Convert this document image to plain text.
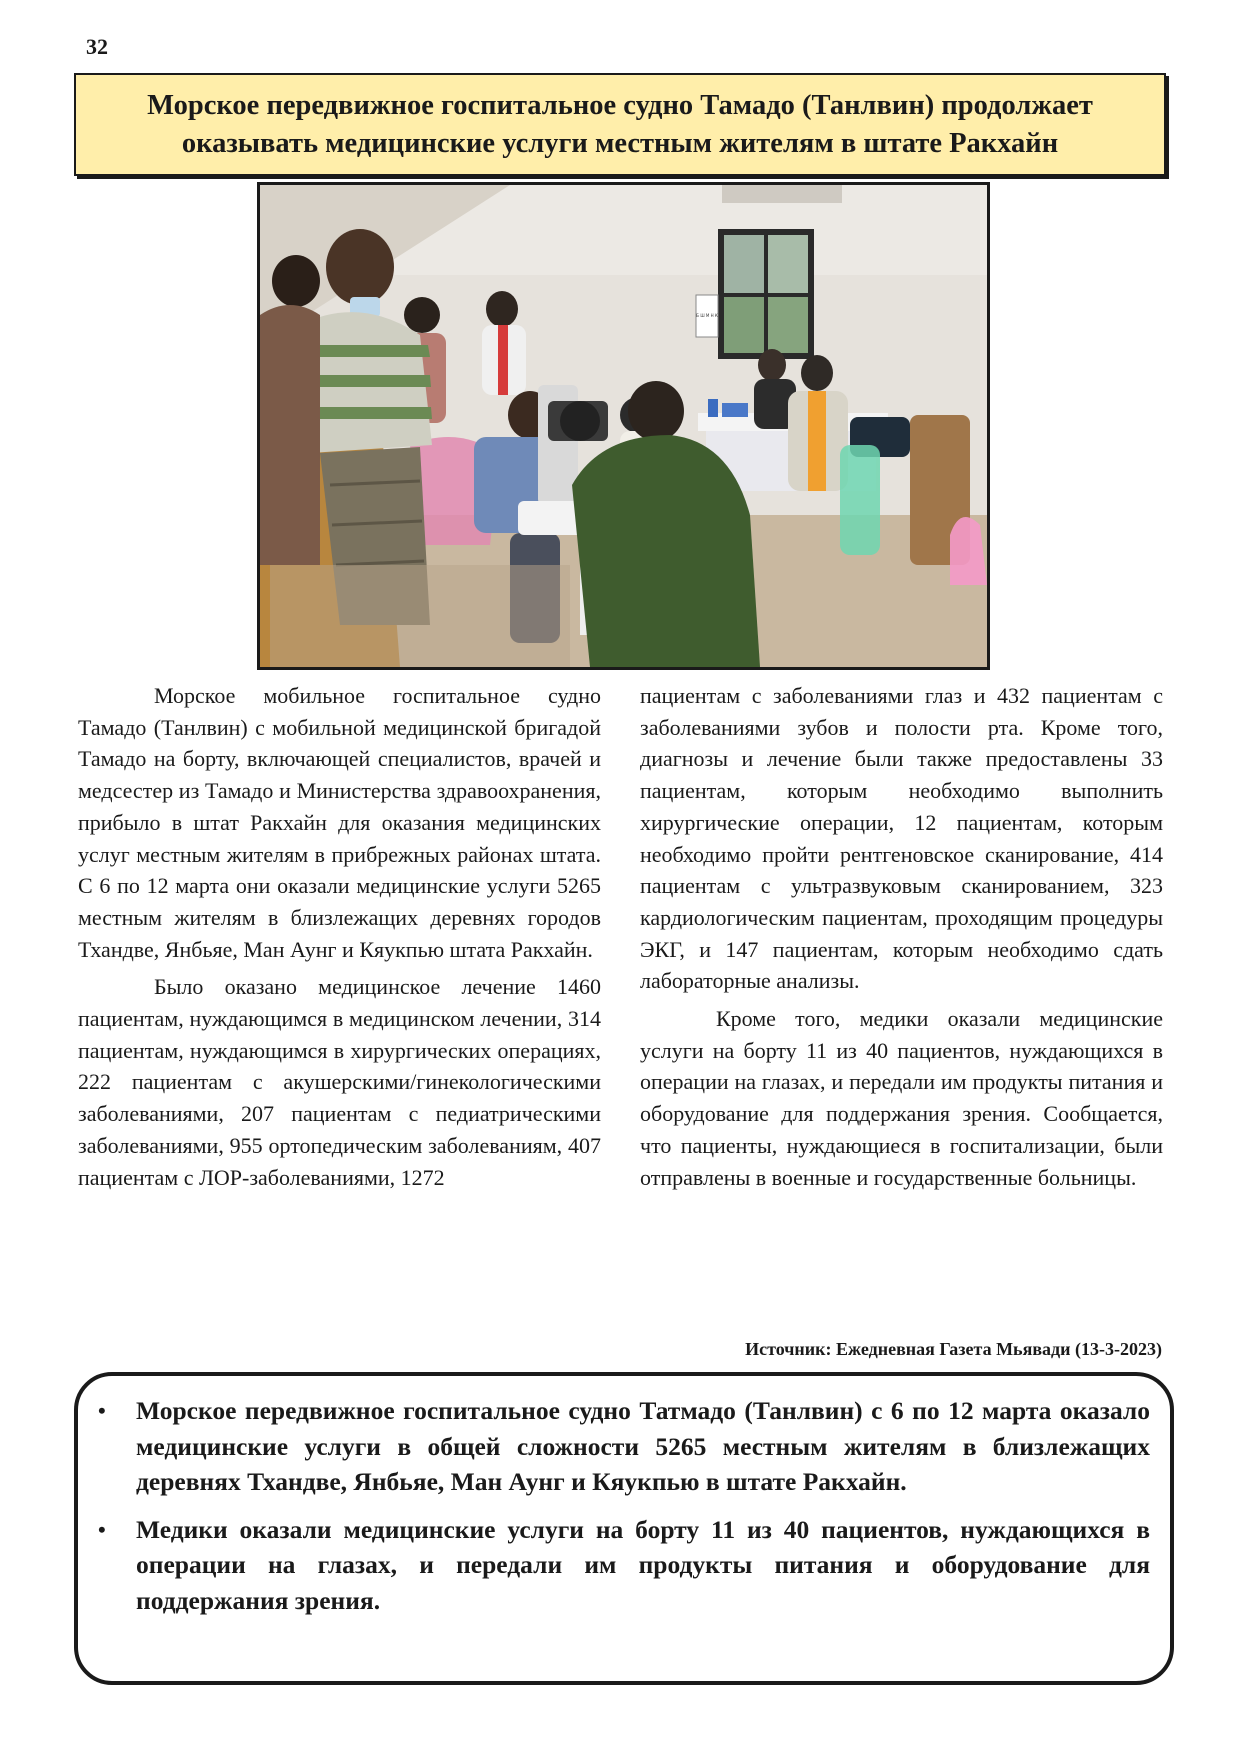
32
Морское передвижное госпитальное судно Тамадо (Танлвин) продолжает оказывать медицинские услуги местным жителям в штате Ракхайн
Б Ш М Н К

Морское мобильное госпитальное судно Тамадо (Танлвин) с мобильной медицинской бригадой Тамадо на борту, включающей специалистов, врачей и медсестер из Тамадо и Министерства здравоохранения, прибыло в штат Ракхайн для оказания медицинских услуг местным жителям в прибрежных районах штата. С 6 по 12 марта они оказали медицинские услуги 5265 местным жителям в близлежащих деревнях городов Тхандве, Янбьяе, Ман Аунг и Кяукпью штата Ракхайн.

Было оказано медицинское лечение 1460 пациентам, нуждающимся в медицинском лечении, 314 пациентам, нуждающимся в хирургических операциях, 222 пациентам с акушерскими/гинекологическими заболеваниями, 207 пациентам с педиатрическими заболеваниями, 955 ортопедическим заболеваниям, 407 пациентам с ЛОР-заболеваниями, 1272

пациентам с заболеваниями глаз и 432 пациентам с заболеваниями зубов и полости рта. Кроме того, диагнозы и лечение были также предоставлены 33 пациентам, которым необходимо выполнить хирургические операции, 12 пациентам, которым необходимо пройти рентгеновское сканирование, 414 пациентам с ультразвуковым сканированием, 323 кардиологическим пациентам, проходящим процедуры ЭКГ, и 147 пациентам, которым необходимо сдать лабораторные анализы.

Кроме того, медики оказали медицинские услуги на борту 11 из 40 пациентов, нуждающихся в операции на глазах, и передали им продукты питания и оборудование для поддержания зрения. Сообщается, что пациенты, нуждающиеся в госпитализации, были отправлены в военные и государственные больницы.

Источник: Ежедневная Газета Мьявади (13-3-2023)
• Морское передвижное госпитальное судно Татмадо (Танлвин) с 6 по 12 марта оказало медицинские услуги в общей сложности 5265 местным жителям в близлежащих деревнях Тхандве, Янбьяе, Ман Аунг и Кяукпью в штате Ракхайн.
• Медики оказали медицинские услуги на борту 11 из 40 пациентов, нуждающихся в операции на глазах, и передали им продукты питания и оборудование для поддержания зрения.
